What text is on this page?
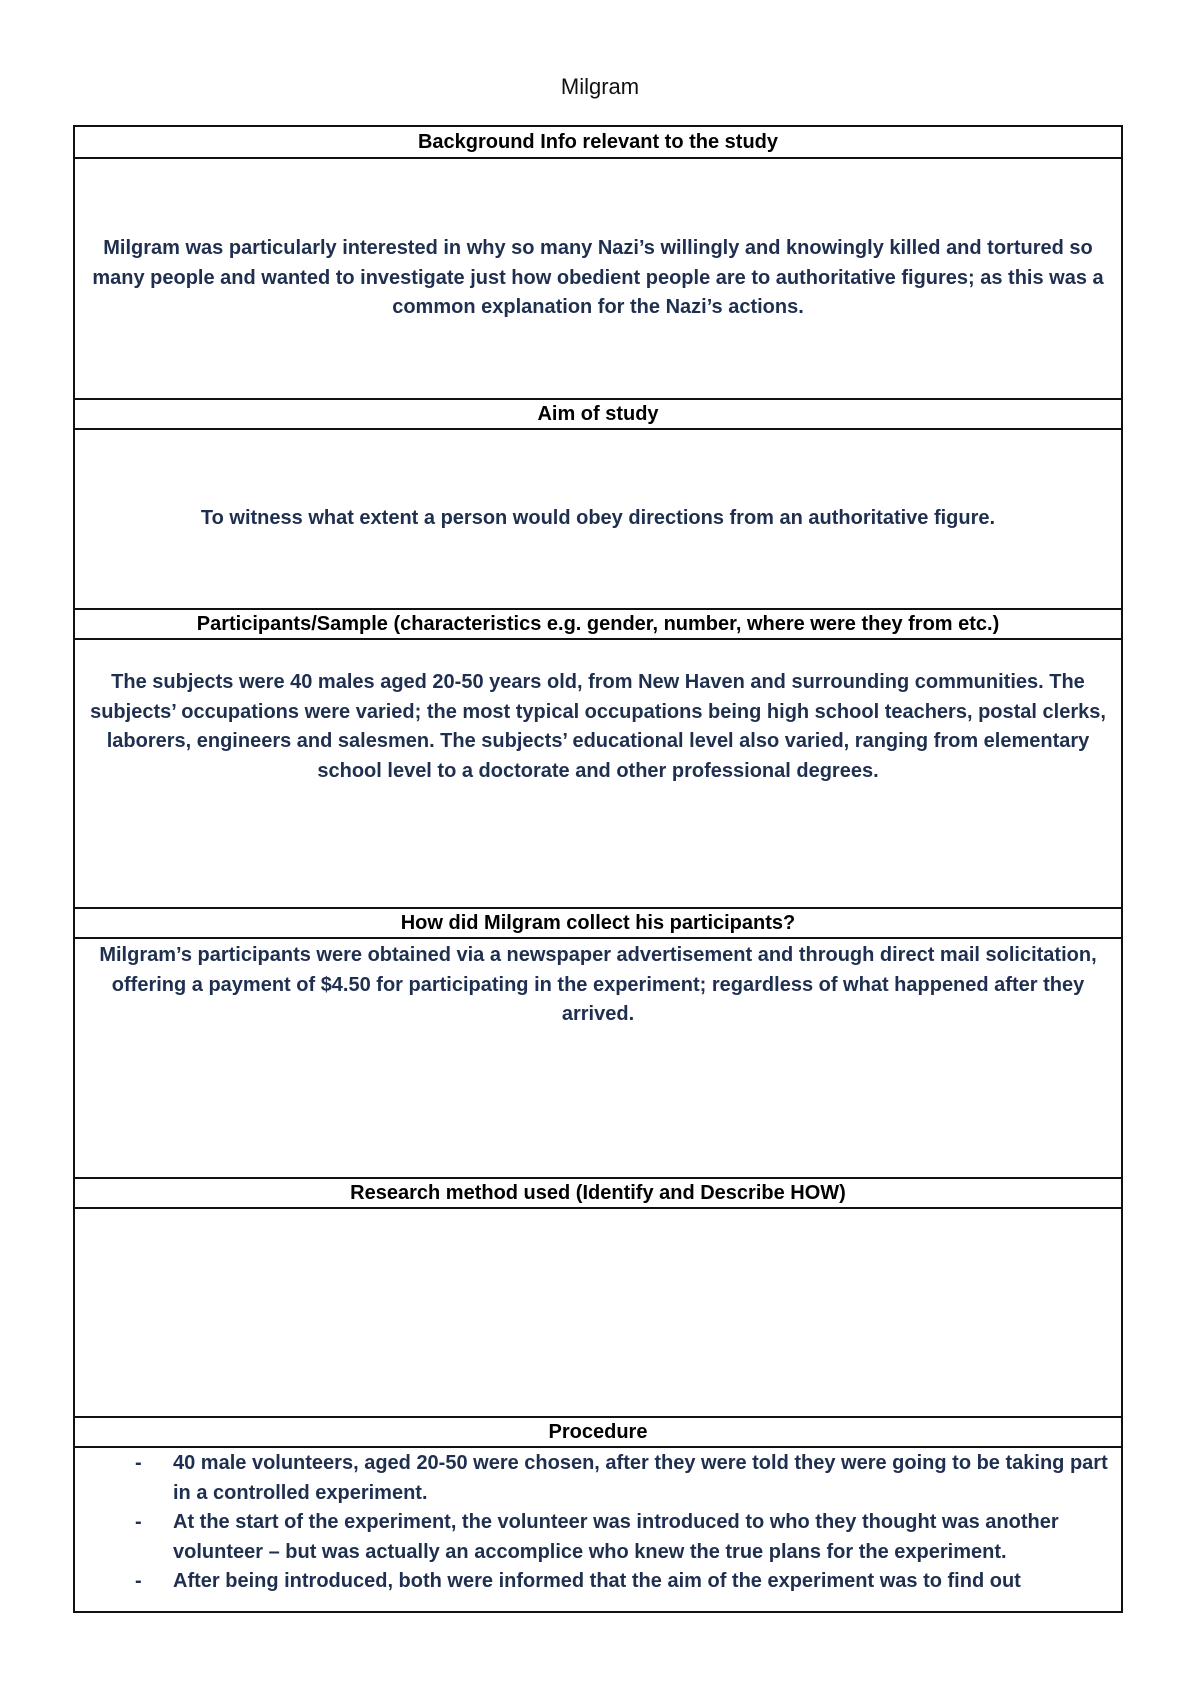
Milgram
Background Info relevant to the study
Milgram was particularly interested in why so many Nazi’s willingly and knowingly killed and tortured so many people and wanted to investigate just how obedient people are to authoritative figures; as this was a common explanation for the Nazi’s actions.
Aim of study
To witness what extent a person would obey directions from an authoritative figure.
Participants/Sample (characteristics e.g. gender, number, where were they from etc.)
The subjects were 40 males aged 20-50 years old, from New Haven and surrounding communities. The subjects’ occupations were varied; the most typical occupations being high school teachers, postal clerks, laborers, engineers and salesmen. The subjects’ educational level also varied, ranging from elementary school level to a doctorate and other professional degrees.
How did Milgram collect his participants?
Milgram’s participants were obtained via a newspaper advertisement and through direct mail solicitation, offering a payment of $4.50 for participating in the experiment; regardless of what happened after they arrived.
Research method used (Identify and Describe HOW)
Procedure
- 40 male volunteers, aged 20-50 were chosen, after they were told they were going to be taking part in a controlled experiment.
- At the start of the experiment, the volunteer was introduced to who they thought was another volunteer – but was actually an accomplice who knew the true plans for the experiment.
- After being introduced, both were informed that the aim of the experiment was to find out
